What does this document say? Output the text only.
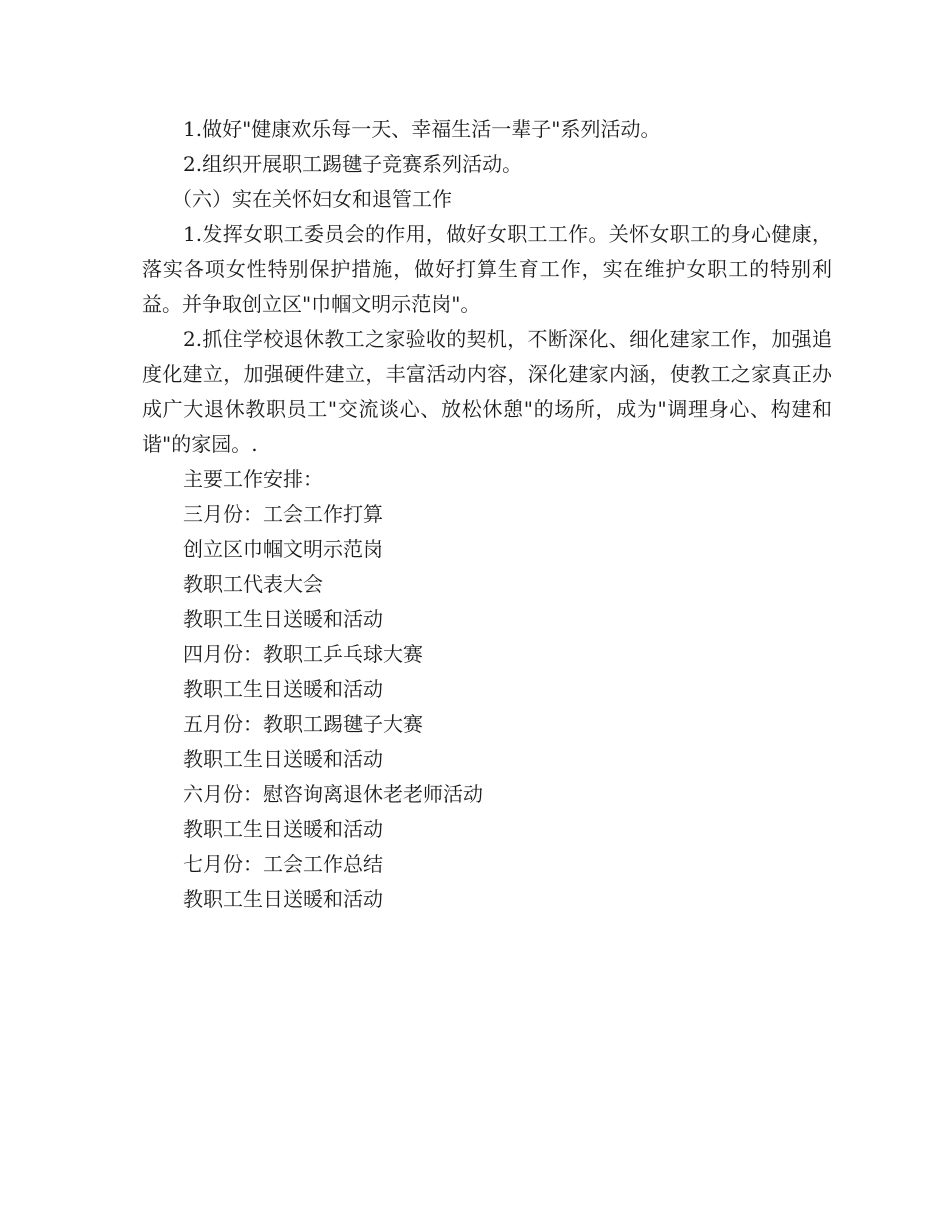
1.做好"健康欢乐每一天、幸福生活一辈子"系列活动。

2.组织开展职工踢毽子竞赛系列活动。

（六）实在关怀妇女和退管工作

1.发挥女职工委员会的作用，做好女职工工作。关怀女职工的身心健康，落实各项女性特别保护措施，做好打算生育工作，实在维护女职工的特别利益。并争取创立区"巾帼文明示范岗"。

2.抓住学校退休教工之家验收的契机，不断深化、细化建家工作，加强追度化建立，加强硬件建立，丰富活动内容，深化建家内涵，使教工之家真正办成广大退休教职员工"交流谈心、放松休憩"的场所，成为"调理身心、构建和谐"的家园。.

主要工作安排：

三月份：工会工作打算
创立区巾帼文明示范岗
教职工代表大会
教职工生日送暖和活动
四月份：教职工乒乓球大赛
教职工生日送暖和活动
五月份：教职工踢毽子大赛
教职工生日送暖和活动
六月份：慰咨询离退休老老师活动
教职工生日送暖和活动
七月份：工会工作总结
教职工生日送暖和活动
